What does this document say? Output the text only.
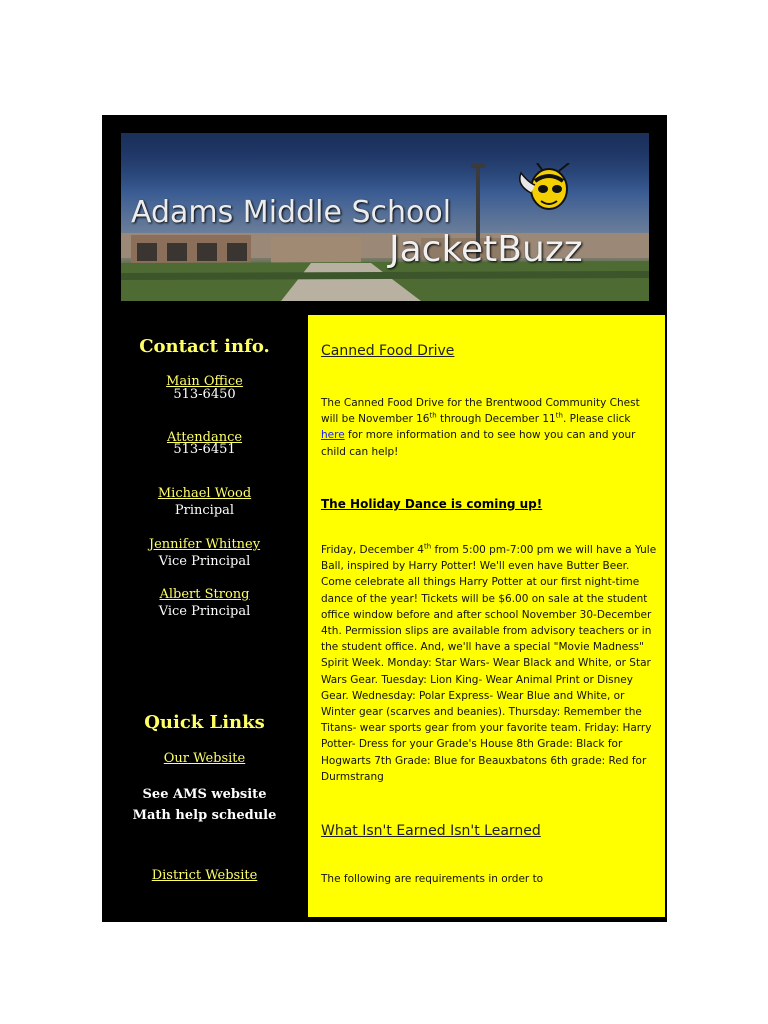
Adams Middle School
JacketBuzz
Contact info.
Main Office
513-6450
Attendance
513-6451
Michael Wood
Principal
Jennifer Whitney
Vice Principal
Albert Strong
Vice Principal
Quick Links
Our Website
See AMS website
Math help schedule
District Website
Canned Food Drive
The Canned Food Drive for the Brentwood Community Chest will be November 16th through December 11th. Please click here for more information and to see how you can and your child can help!
The Holiday Dance is coming up!
Friday, December 4th from 5:00 pm-7:00 pm we will have a Yule Ball, inspired by Harry Potter! We'll even have Butter Beer. Come celebrate all things Harry Potter at our first night-time dance of the year! Tickets will be $6.00 on sale at the student office window before and after school November 30-December 4th. Permission slips are available from advisory teachers or in the student office. And, we'll have a special "Movie Madness" Spirit Week. Monday: Star Wars- Wear Black and White, or Star Wars Gear. Tuesday: Lion King- Wear Animal Print or Disney Gear. Wednesday: Polar Express- Wear Blue and White, or Winter gear (scarves and beanies). Thursday: Remember the Titans- wear sports gear from your favorite team. Friday: Harry Potter- Dress for your Grade's House 8th Grade: Black for Hogwarts 7th Grade: Blue for Beauxbatons 6th grade: Red for Durmstrang
What Isn't Earned Isn't Learned
The following are requirements in order to
